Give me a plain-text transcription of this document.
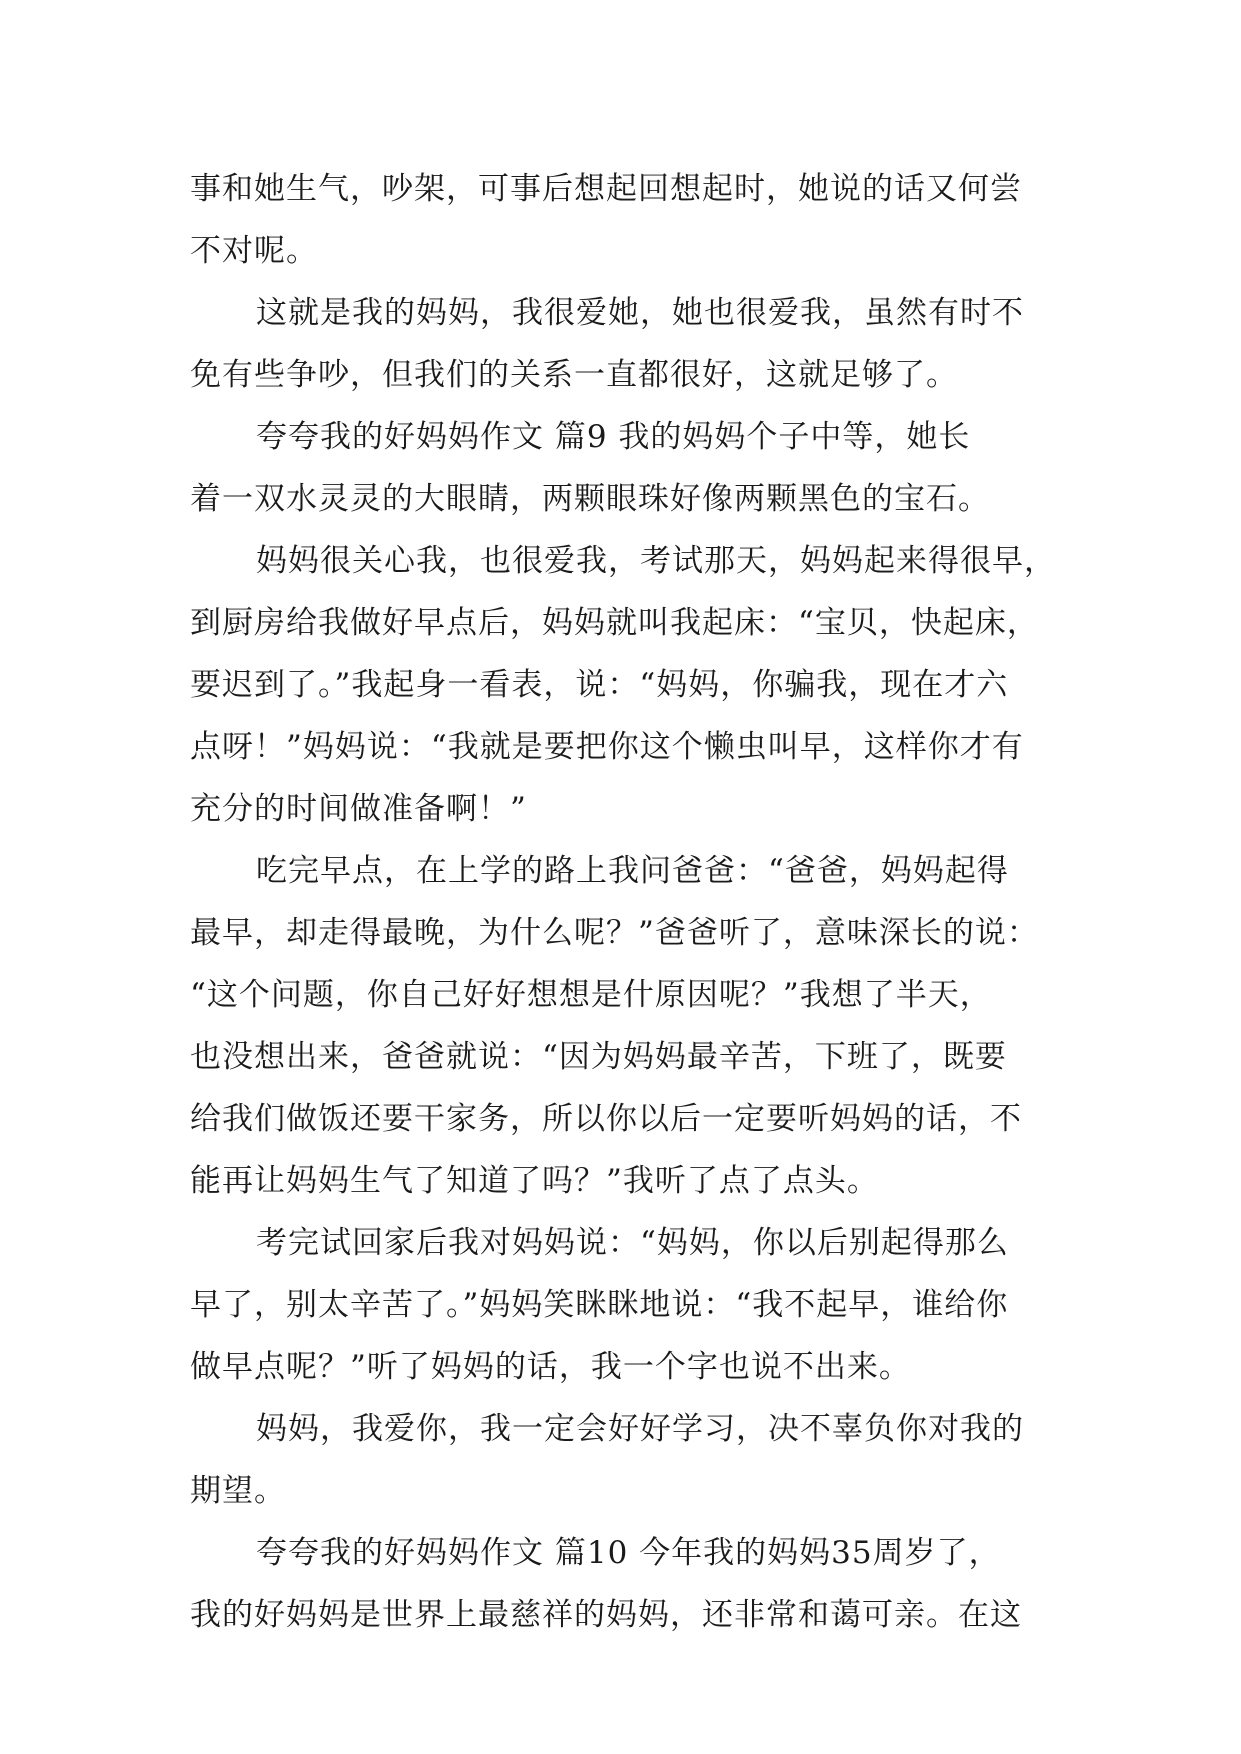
事和她生气，吵架，可事后想起回想起时，她说的话又何尝
不对呢。
这就是我的妈妈，我很爱她，她也很爱我，虽然有时不
免有些争吵，但我们的关系一直都很好，这就足够了。
夸夸我的好妈妈作文 篇9 我的妈妈个子中等，她长
着一双水灵灵的大眼睛，两颗眼珠好像两颗黑色的宝石。
妈妈很关心我，也很爱我，考试那天，妈妈起来得很早，
到厨房给我做好早点后，妈妈就叫我起床：“宝贝，快起床，
要迟到了。”我起身一看表，说：“妈妈，你骗我，现在才六
点呀！”妈妈说：“我就是要把你这个懒虫叫早，这样你才有
充分的时间做准备啊！”
吃完早点，在上学的路上我问爸爸：“爸爸，妈妈起得
最早，却走得最晚，为什么呢？”爸爸听了，意味深长的说：
“这个问题，你自己好好想想是什原因呢？”我想了半天，
也没想出来，爸爸就说：“因为妈妈最辛苦，下班了，既要
给我们做饭还要干家务，所以你以后一定要听妈妈的话，不
能再让妈妈生气了知道了吗？”我听了点了点头。
考完试回家后我对妈妈说：“妈妈，你以后别起得那么
早了，别太辛苦了。”妈妈笑眯眯地说：“我不起早，谁给你
做早点呢？”听了妈妈的话，我一个字也说不出来。
妈妈，我爱你，我一定会好好学习，决不辜负你对我的
期望。
夸夸我的好妈妈作文 篇10 今年我的妈妈35周岁了，
我的好妈妈是世界上最慈祥的妈妈，还非常和蔼可亲。在这
